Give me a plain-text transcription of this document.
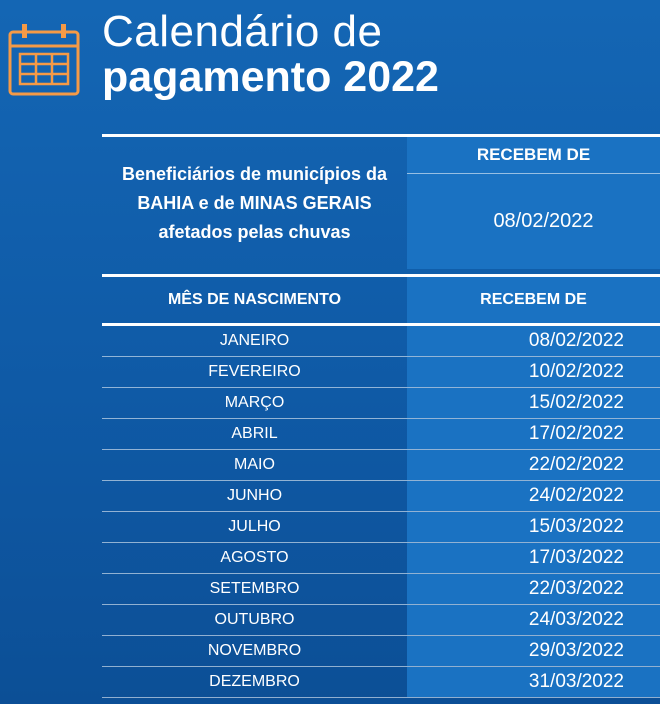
Calendário de
pagamento 2022
Beneficiários de municípios da BAHIA e de MINAS GERAIS afetados pelas chuvas
RECEBEM DE
08/02/2022
MÊS DE NASCIMENTO	RECEBEM DE
JANEIRO	08/02/2022
FEVEREIRO	10/02/2022
MARÇO	15/02/2022
ABRIL	17/02/2022
MAIO	22/02/2022
JUNHO	24/02/2022
JULHO	15/03/2022
AGOSTO	17/03/2022
SETEMBRO	22/03/2022
OUTUBRO	24/03/2022
NOVEMBRO	29/03/2022
DEZEMBRO	31/03/2022
